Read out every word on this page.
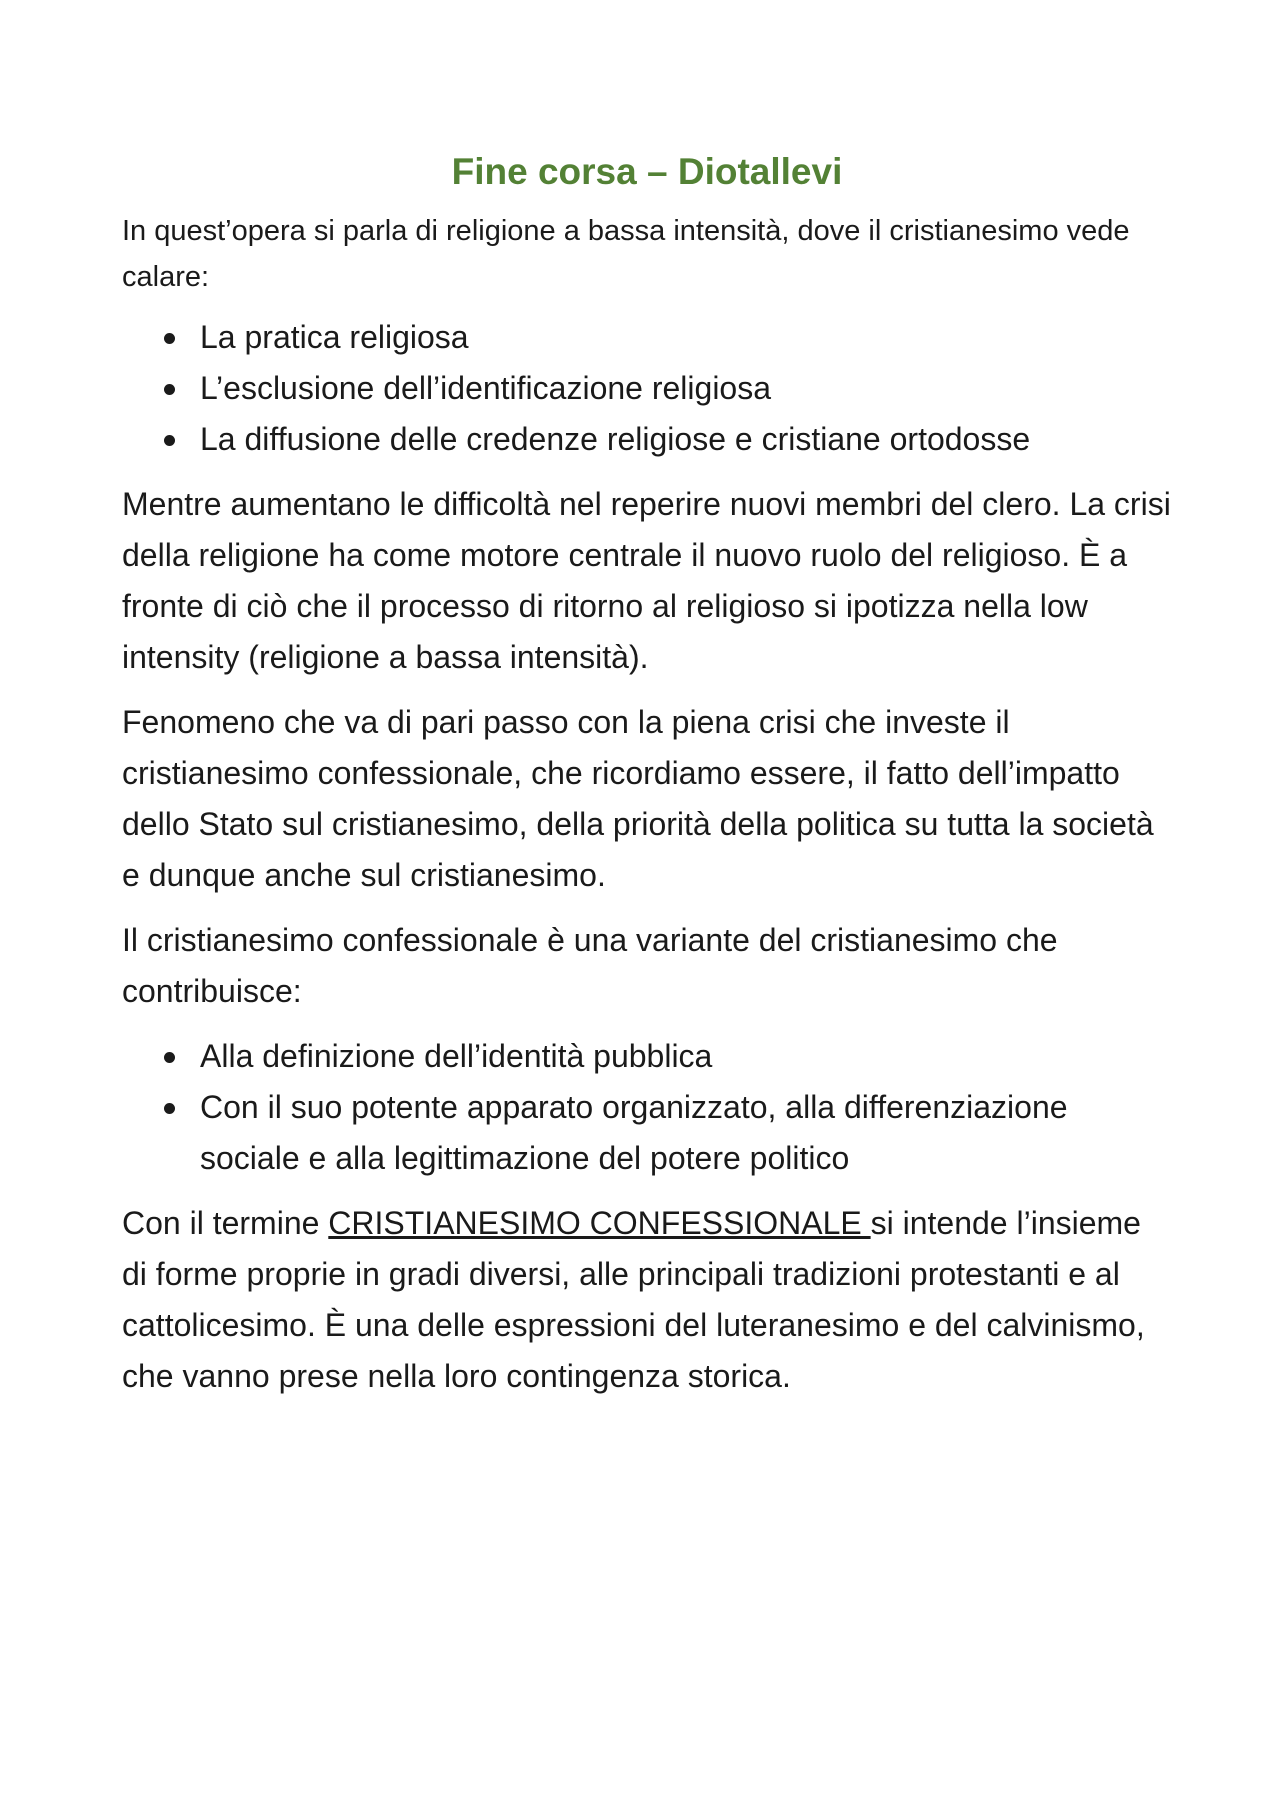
Fine corsa – Diotallevi

In quest’opera si parla di religione a bassa intensità, dove il cristianesimo vede calare:

La pratica religiosa
L’esclusione dell’identificazione religiosa
La diffusione delle credenze religiose e cristiane ortodosse

Mentre aumentano le difficoltà nel reperire nuovi membri del clero. La crisi della religione ha come motore centrale il nuovo ruolo del religioso. È a fronte di ciò che il processo di ritorno al religioso si ipotizza nella low intensity (religione a bassa intensità).

Fenomeno che va di pari passo con la piena crisi che investe il cristianesimo confessionale, che ricordiamo essere, il fatto dell’impatto dello Stato sul cristianesimo, della priorità della politica su tutta la società e dunque anche sul cristianesimo.

Il cristianesimo confessionale è una variante del cristianesimo che contribuisce:

Alla definizione dell’identità pubblica
Con il suo potente apparato organizzato, alla differenziazione sociale e alla legittimazione del potere politico

Con il termine CRISTIANESIMO CONFESSIONALE si intende l’insieme di forme proprie in gradi diversi, alle principali tradizioni protestanti e al cattolicesimo. È una delle espressioni del luteranesimo e del calvinismo, che vanno prese nella loro contingenza storica.
